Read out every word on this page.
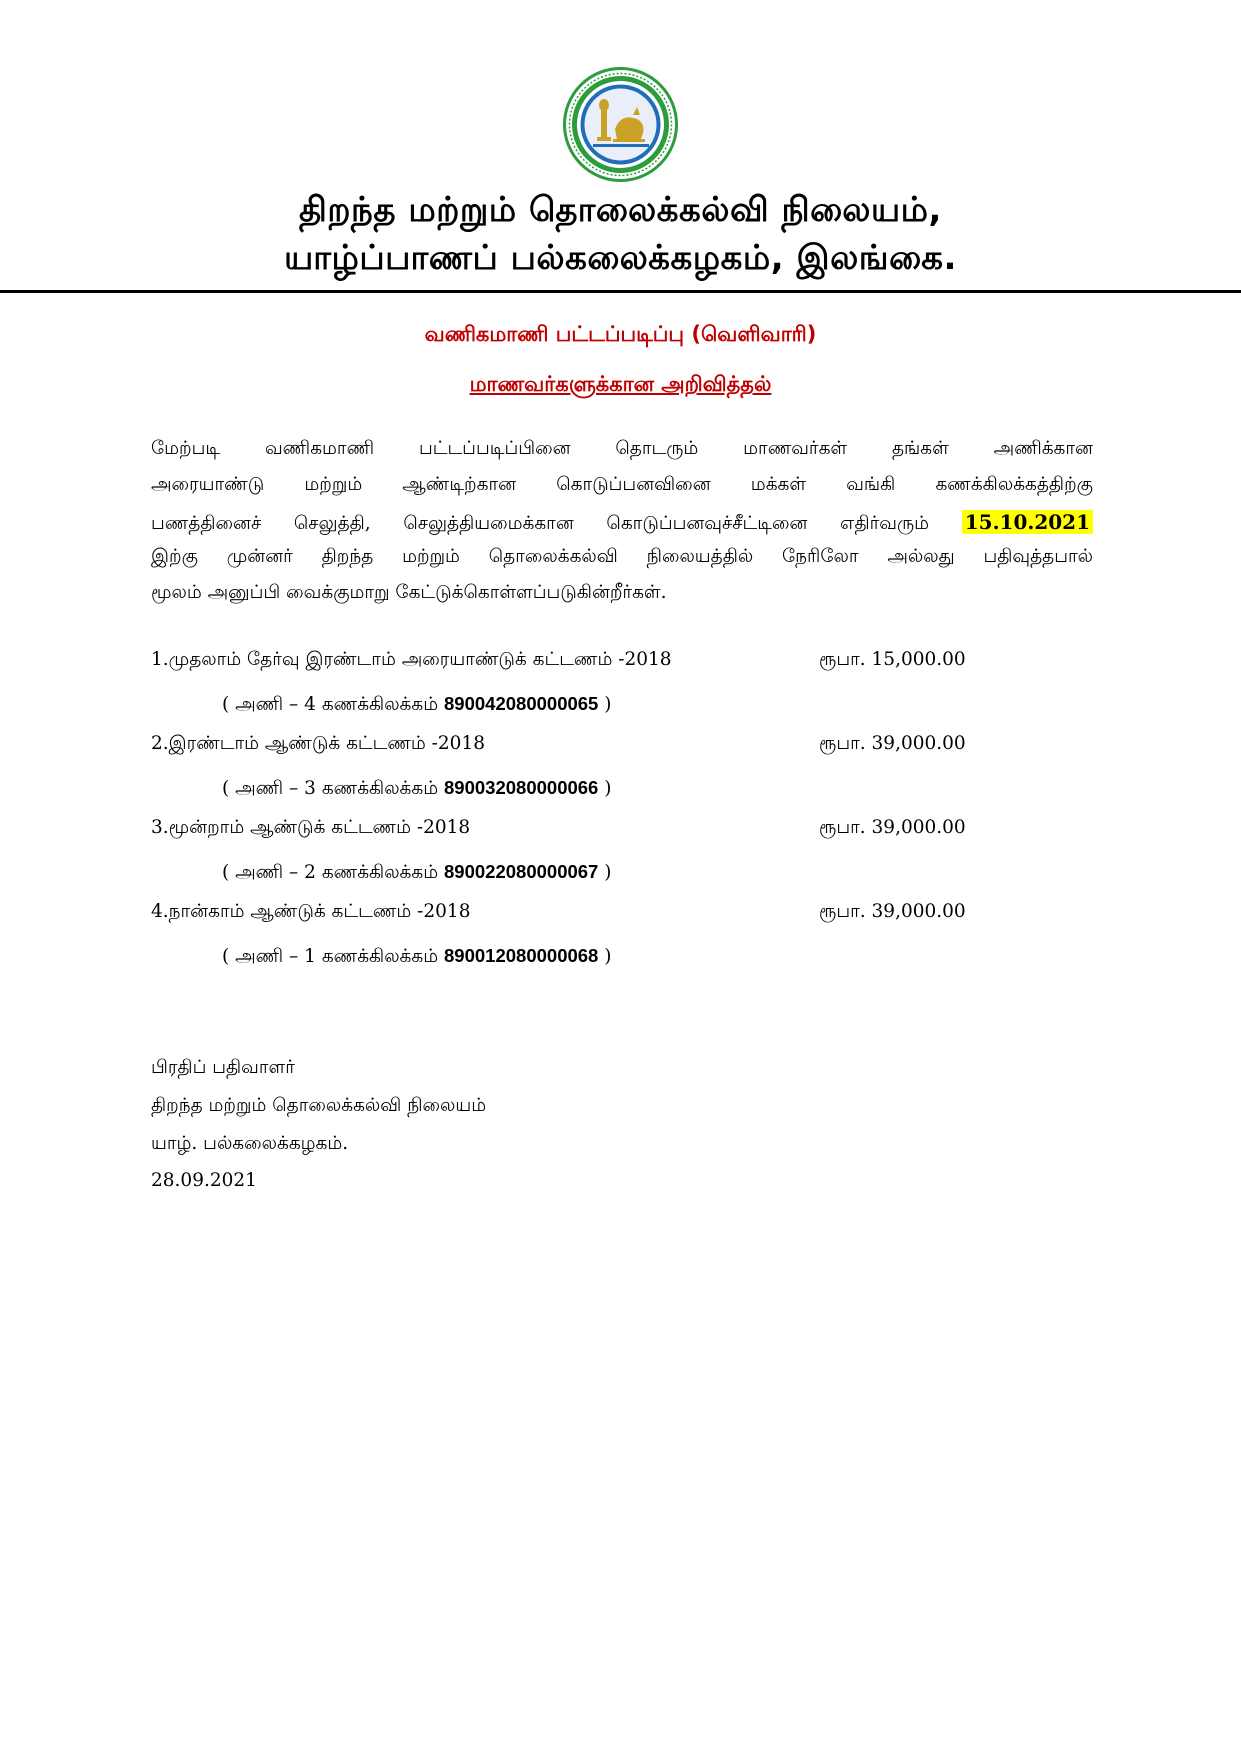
திறந்த மற்றும் தொலைக்கல்வி நிலையம்,
யாழ்ப்பாணப் பல்கலைக்கழகம், இலங்கை.
வணிகமாணி பட்டப்படிப்பு (வெளிவாரி)
மாணவர்களுக்கான அறிவித்தல்
மேற்படி வணிகமாணி பட்டப்படிப்பினை தொடரும் மாணவர்கள் தங்கள் அணிக்கான
அரையாண்டு மற்றும் ஆண்டிற்கான கொடுப்பனவினை மக்கள் வங்கி கணக்கிலக்கத்திற்கு
பணத்தினைச் செலுத்தி, செலுத்தியமைக்கான கொடுப்பனவுச்சீட்டினை எதிர்வரும் 15.10.2021
இற்கு முன்னர் திறந்த மற்றும் தொலைக்கல்வி நிலையத்தில் நேரிலோ அல்லது பதிவுத்தபால்
மூலம் அனுப்பி வைக்குமாறு கேட்டுக்கொள்ளப்படுகின்றீர்கள்.
1.முதலாம் தேர்வு இரண்டாம் அரையாண்டுக் கட்டணம் -2018	ரூபா. 15,000.00
( அணி – 4 கணக்கிலக்கம் 890042080000065 )
2.இரண்டாம் ஆண்டுக் கட்டணம் -2018	ரூபா. 39,000.00
( அணி – 3 கணக்கிலக்கம் 890032080000066 )
3.மூன்றாம் ஆண்டுக் கட்டணம் -2018	ரூபா. 39,000.00
( அணி – 2 கணக்கிலக்கம் 890022080000067 )
4.நான்காம் ஆண்டுக் கட்டணம் -2018	ரூபா. 39,000.00
( அணி – 1 கணக்கிலக்கம் 890012080000068 )
பிரதிப் பதிவாளர்
திறந்த மற்றும் தொலைக்கல்வி நிலையம்
யாழ். பல்கலைக்கழகம்.
28.09.2021
